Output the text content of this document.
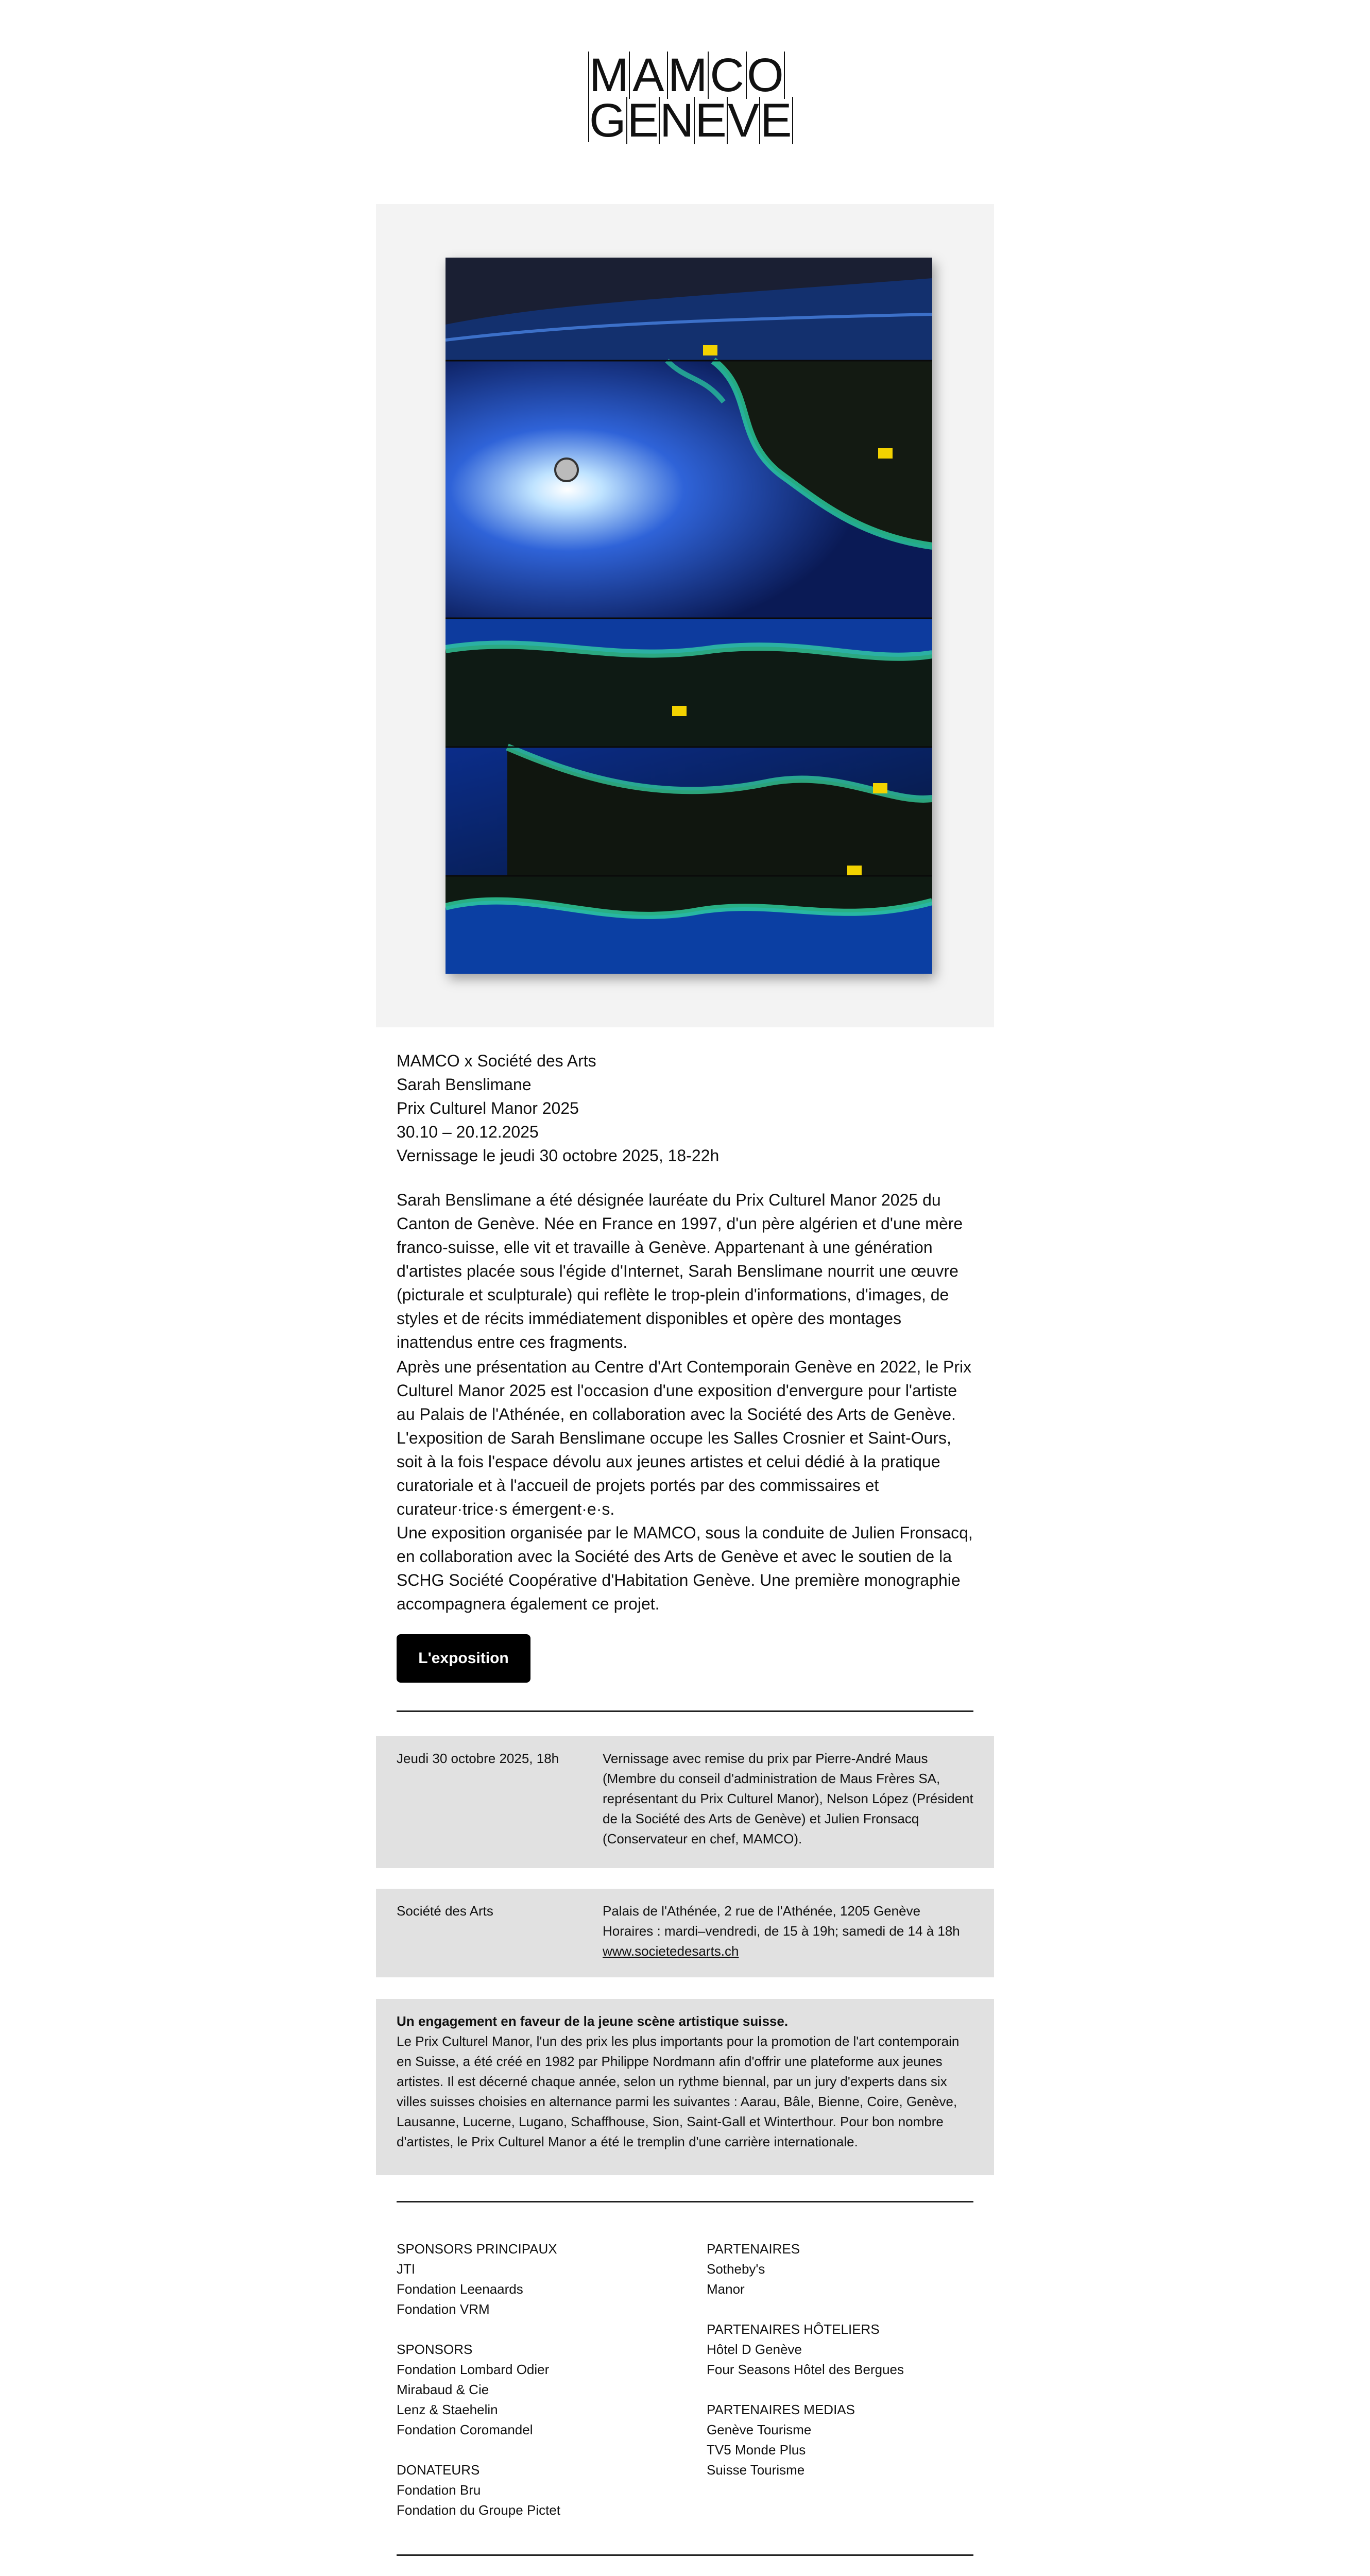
M A M C O
G E N E V E
MAMCO x Société des Arts
Sarah Benslimane
Prix Culturel Manor 2025
30.10 – 20.12.2025
Vernissage le jeudi 30 octobre 2025, 18-22h
Sarah Benslimane a été désignée lauréate du Prix Culturel Manor 2025 du Canton de Genève. Née en France en 1997, d'un père algérien et d'une mère franco-suisse, elle vit et travaille à Genève. Appartenant à une génération d'artistes placée sous l'égide d'Internet, Sarah Benslimane nourrit une œuvre (picturale et sculpturale) qui reflète le trop-plein d'informations, d'images, de styles et de récits immédiatement disponibles et opère des montages inattendus entre ces fragments.
Après une présentation au Centre d'Art Contemporain Genève en 2022, le Prix Culturel Manor 2025 est l'occasion d'une exposition d'envergure pour l'artiste au Palais de l'Athénée, en collaboration avec la Société des Arts de Genève. L'exposition de Sarah Benslimane occupe les Salles Crosnier et Saint-Ours, soit à la fois l'espace dévolu aux jeunes artistes et celui dédié à la pratique curatoriale et à l'accueil de projets portés par des commissaires et curateur·trice·s émergent·e·s.
Une exposition organisée par le MAMCO, sous la conduite de Julien Fronsacq, en collaboration avec la Société des Arts de Genève et avec le soutien de la SCHG Société Coopérative d'Habitation Genève. Une première monographie accompagnera également ce projet.
L'exposition
Jeudi 30 octobre 2025, 18h	Vernissage avec remise du prix par Pierre-André Maus (Membre du conseil d'administration de Maus Frères SA, représentant du Prix Culturel Manor), Nelson López (Président de la Société des Arts de Genève) et Julien Fronsacq (Conservateur en chef, MAMCO).
Société des Arts	Palais de l'Athénée, 2 rue de l'Athénée, 1205 Genève
Horaires : mardi–vendredi, de 15 à 19h; samedi de 14 à 18h
www.societedesarts.ch
Un engagement en faveur de la jeune scène artistique suisse.
Le Prix Culturel Manor, l'un des prix les plus importants pour la promotion de l'art contemporain en Suisse, a été créé en 1982 par Philippe Nordmann afin d'offrir une plateforme aux jeunes artistes. Il est décerné chaque année, selon un rythme biennal, par un jury d'experts dans six villes suisses choisies en alternance parmi les suivantes : Aarau, Bâle, Bienne, Coire, Genève, Lausanne, Lucerne, Lugano, Schaffhouse, Sion, Saint-Gall et Winterthour. Pour bon nombre d'artistes, le Prix Culturel Manor a été le tremplin d'une carrière internationale.
SPONSORS PRINCIPAUX
JTI
Fondation Leenaards
Fondation VRM
SPONSORS
Fondation Lombard Odier
Mirabaud & Cie
Lenz & Staehelin
Fondation Coromandel
DONATEURS
Fondation Bru
Fondation du Groupe Pictet
PARTENAIRES
Sotheby's
Manor
PARTENAIRES HÔTELIERS
Hôtel D Genève
Four Seasons Hôtel des Bergues
PARTENAIRES MEDIAS
Genève Tourisme
TV5 Monde Plus
Suisse Tourisme
